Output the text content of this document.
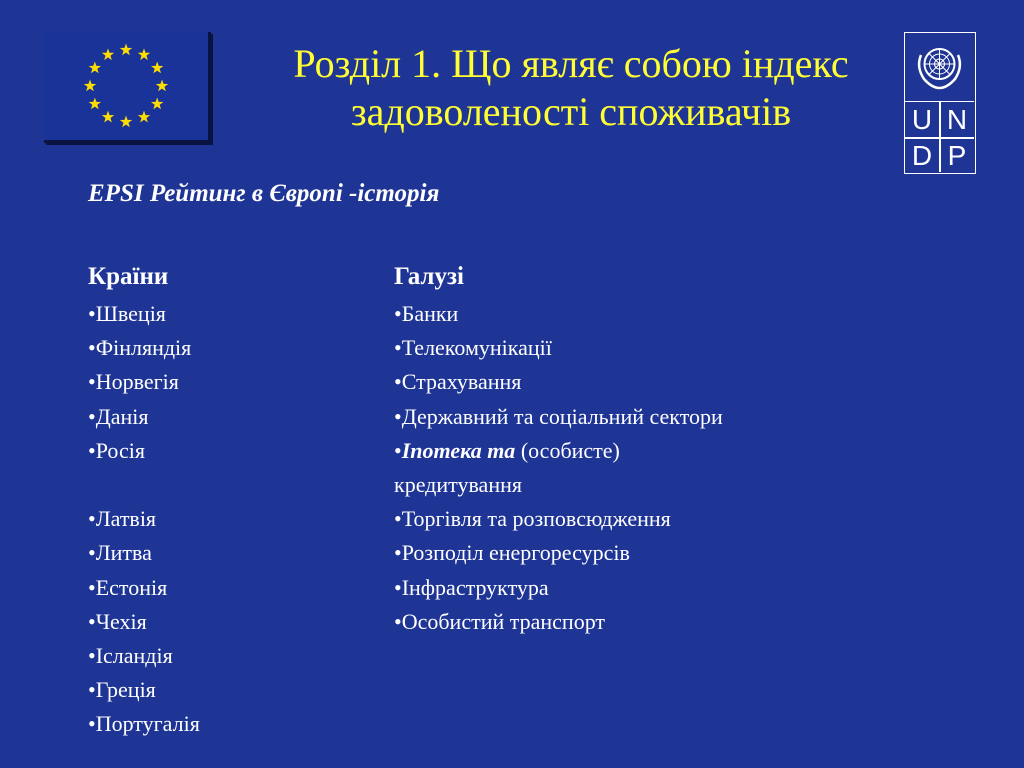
Розділ 1. Що являє собою індекс
задоволеності споживачів	U N
D P
EPSI Рейтинг в Європі -історія
Країни
•Швеція
•Фінляндія
•Норвегія
•Данія
•Росія
•Латвія
•Литва
•Естонія
•Чехія
•Ісландія
•Греція
•Португалія
Галузі
•Банки
•Телекомунікації
•Страхування
•Державний та соціальний сектори
•Іпотека та (особисте)
кредитування
•Торгівля та розповсюдження
•Розподіл енергоресурсів
•Інфраструктура
•Особистий транспорт
